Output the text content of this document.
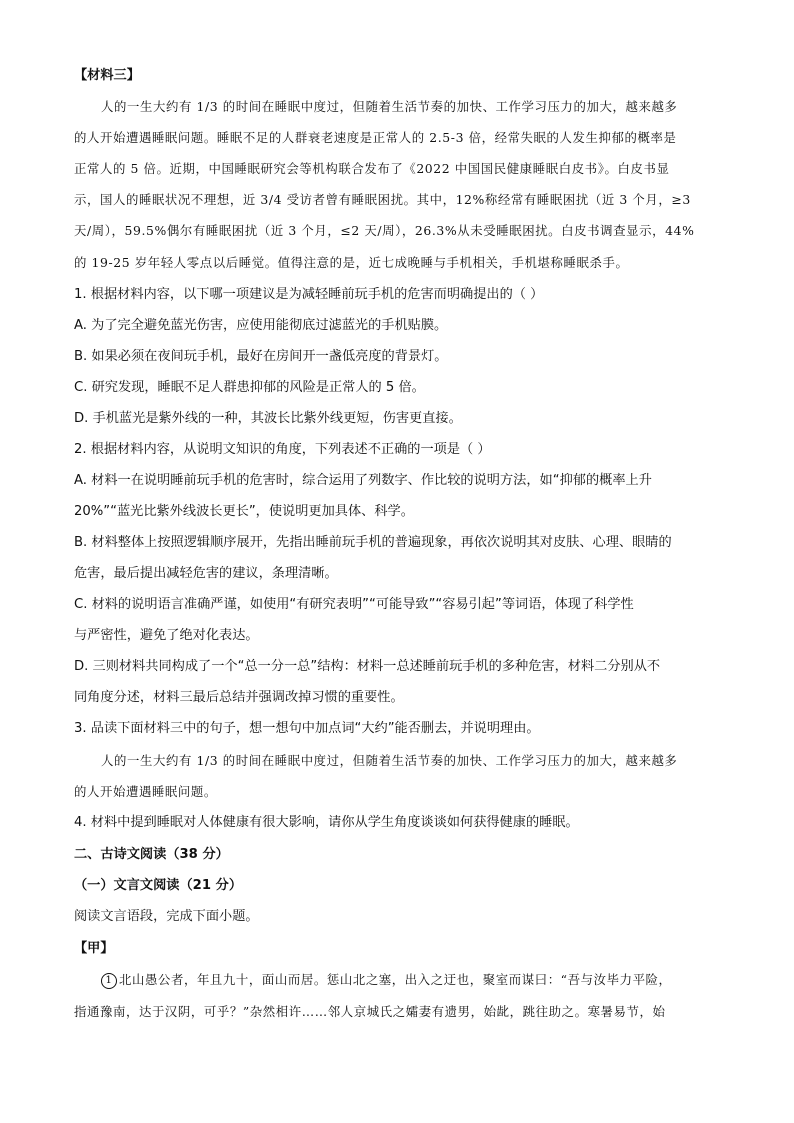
【材料三】
人的一生大约有 1/3 的时间在睡眠中度过，但随着生活节奏的加快、工作学习压力的加大，越来越多
的人开始遭遇睡眠问题。睡眠不足的人群衰老速度是正常人的 2.5-3 倍，经常失眠的人发生抑郁的概率是
正常人的 5 倍。近期，中国睡眠研究会等机构联合发布了《2022 中国国民健康睡眠白皮书》。白皮书显
示，国人的睡眠状况不理想，近 3/4 受访者曾有睡眠困扰。其中，12%称经常有睡眠困扰（近 3 个月，≥3
天/周），59.5%偶尔有睡眠困扰（近 3 个月，≤2 天/周），26.3%从未受睡眠困扰。白皮书调查显示，44%
的 19-25 岁年轻人零点以后睡觉。值得注意的是，近七成晚睡与手机相关，手机堪称睡眠杀手。
1. 根据材料内容，以下哪一项建议是为减轻睡前玩手机的危害而明确提出的（ ）
A. 为了完全避免蓝光伤害，应使用能彻底过滤蓝光的手机贴膜。
B. 如果必须在夜间玩手机，最好在房间开一盏低亮度的背景灯。
C. 研究发现，睡眠不足人群患抑郁的风险是正常人的 5 倍。
D. 手机蓝光是紫外线的一种，其波长比紫外线更短，伤害更直接。
2. 根据材料内容，从说明文知识的角度，下列表述不正确的一项是（ ）
A. 材料一在说明睡前玩手机的危害时，综合运用了列数字、作比较的说明方法，如“抑郁的概率上升
20%”“蓝光比紫外线波长更长”，使说明更加具体、科学。
B. 材料整体上按照逻辑顺序展开，先指出睡前玩手机的普遍现象，再依次说明其对皮肤、心理、眼睛的
危害，最后提出减轻危害的建议，条理清晰。
C. 材料的说明语言准确严谨，如使用“有研究表明”“可能导致”“容易引起”等词语，体现了科学性
与严密性，避免了绝对化表达。
D. 三则材料共同构成了一个“总一分一总”结构：材料一总述睡前玩手机的多种危害，材料二分别从不
同角度分述，材料三最后总结并强调改掉习惯的重要性。
3. 品读下面材料三中的句子，想一想句中加点词“大约”能否删去，并说明理由。
人的一生大约有 1/3 的时间在睡眠中度过，但随着生活节奏的加快、工作学习压力的加大，越来越多
的人开始遭遇睡眠问题。
4. 材料中提到睡眠对人体健康有很大影响，请你从学生角度谈谈如何获得健康的睡眠。
二、古诗文阅读（38 分）
（一）文言文阅读（21 分）
阅读文言语段，完成下面小题。
【甲】
1 北山愚公者，年且九十，面山而居。惩山北之塞，出入之迂也，聚室而谋曰：“吾与汝毕力平险，
指通豫南，达于汉阴，可乎？”杂然相许……邻人京城氏之孀妻有遗男，始龀，跳往助之。寒暑易节，始
